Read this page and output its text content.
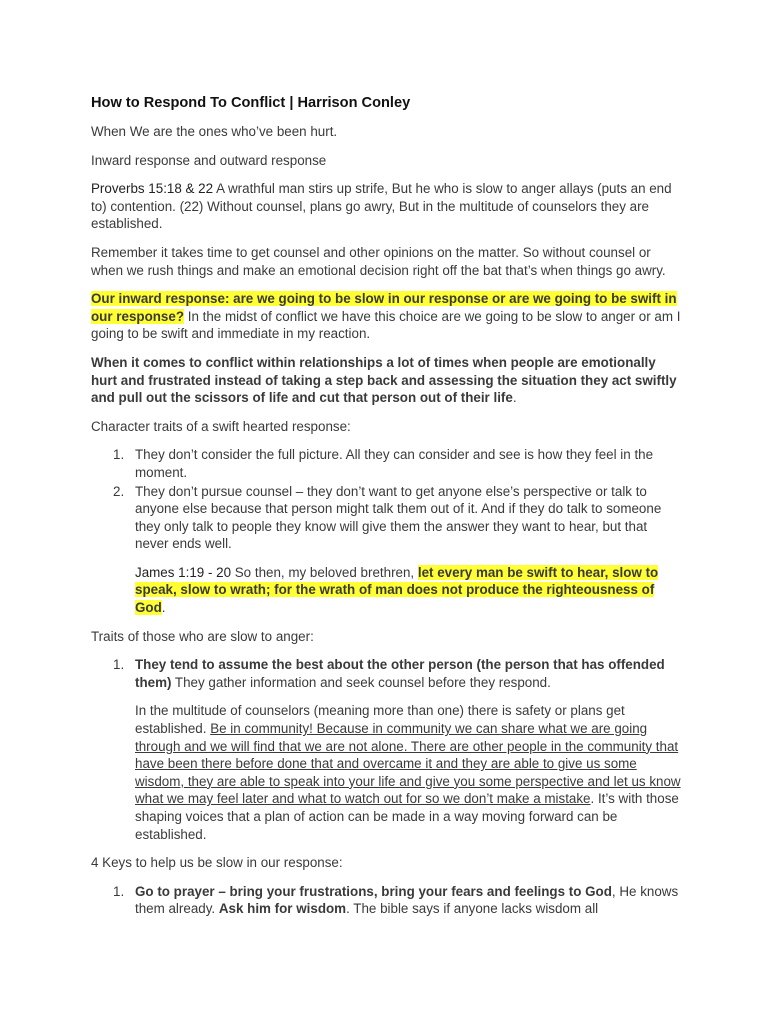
How to Respond To Conflict | Harrison Conley

When We are the ones who’ve been hurt.

Inward response and outward response

Proverbs 15:18 & 22 A wrathful man stirs up strife, But he who is slow to anger allays (puts an end to) contention. (22) Without counsel, plans go awry, But in the multitude of counselors they are established.

Remember it takes time to get counsel and other opinions on the matter. So without counsel or when we rush things and make an emotional decision right off the bat that’s when things go awry.

Our inward response: are we going to be slow in our response or are we going to be swift in our response? In the midst of conflict we have this choice are we going to be slow to anger or am I going to be swift and immediate in my reaction.

When it comes to conflict within relationships a lot of times when people are emotionally hurt and frustrated instead of taking a step back and assessing the situation they act swiftly and pull out the scissors of life and cut that person out of their life.

Character traits of a swift hearted response:

1. They don’t consider the full picture. All they can consider and see is how they feel in the moment.
2. They don’t pursue counsel – they don’t want to get anyone else’s perspective or talk to anyone else because that person might talk them out of it. And if they do talk to someone they only talk to people they know will give them the answer they want to hear, but that never ends well.

James 1:19 - 20 So then, my beloved brethren, let every man be swift to hear, slow to speak, slow to wrath; for the wrath of man does not produce the righteousness of God.

Traits of those who are slow to anger:

1. They tend to assume the best about the other person (the person that has offended them) They gather information and seek counsel before they respond.

In the multitude of counselors (meaning more than one) there is safety or plans get established. Be in community! Because in community we can share what we are going through and we will find that we are not alone. There are other people in the community that have been there before done that and overcame it and they are able to give us some wisdom, they are able to speak into your life and give you some perspective and let us know what we may feel later and what to watch out for so we don’t make a mistake. It’s with those shaping voices that a plan of action can be made in a way moving forward can be established.

4 Keys to help us be slow in our response:

1. Go to prayer – bring your frustrations, bring your fears and feelings to God, He knows them already. Ask him for wisdom. The bible says if anyone lacks wisdom all
